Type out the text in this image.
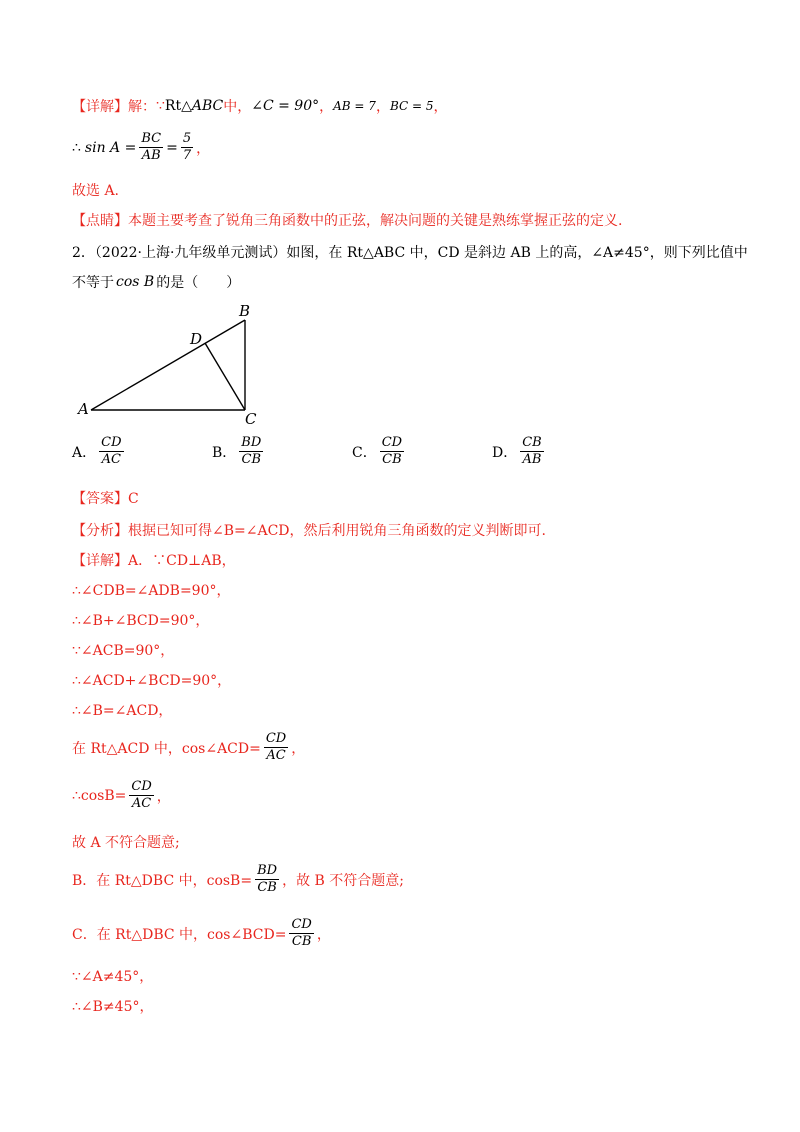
【详解】解： ∵ Rt△ ABC 中， ∠C = 90° ， AB = 7 ， BC = 5 ，
∴ $\sin A = \frac{BC}{AB} = \frac{5}{7}$ ，
故选 A.
【点睛】本题主要考查了锐角三角函数中的正弦，解决问题的关键是熟练掌握正弦的定义.
2．（2022·上海·九年级单元测试）如图，在 Rt△ABC 中，CD 是斜边 AB 上的高，∠A≠45°，则下列比值中
不等于 cos B 的是（　　）
A
B
C
D
A． $\frac{CD}{AC}$	B． $\frac{BD}{CB}$	C． $\frac{CD}{CB}$	D． $\frac{CB}{AB}$
【答案】C
【分析】根据已知可得∠B=∠ACD，然后利用锐角三角函数的定义判断即可.
【详解】A．∵CD⊥AB，
∴∠CDB=∠ADB=90°，
∴∠B+∠BCD=90°，
∵∠ACB=90°，
∴∠ACD+∠BCD=90°，
∴∠B=∠ACD，
在 Rt△ACD 中，cos∠ACD= $\frac{CD}{AC}$ ，
∴cosB= $\frac{CD}{AC}$ ，
故 A 不符合题意;
B．在 Rt△DBC 中，$\cos B= \frac{BD}{CB}$ ，故 B 不符合题意;
C．在 Rt△DBC 中，cos∠BCD= $\frac{CD}{CB}$ ，
∵∠A≠45°，
∴∠B≠45°，
